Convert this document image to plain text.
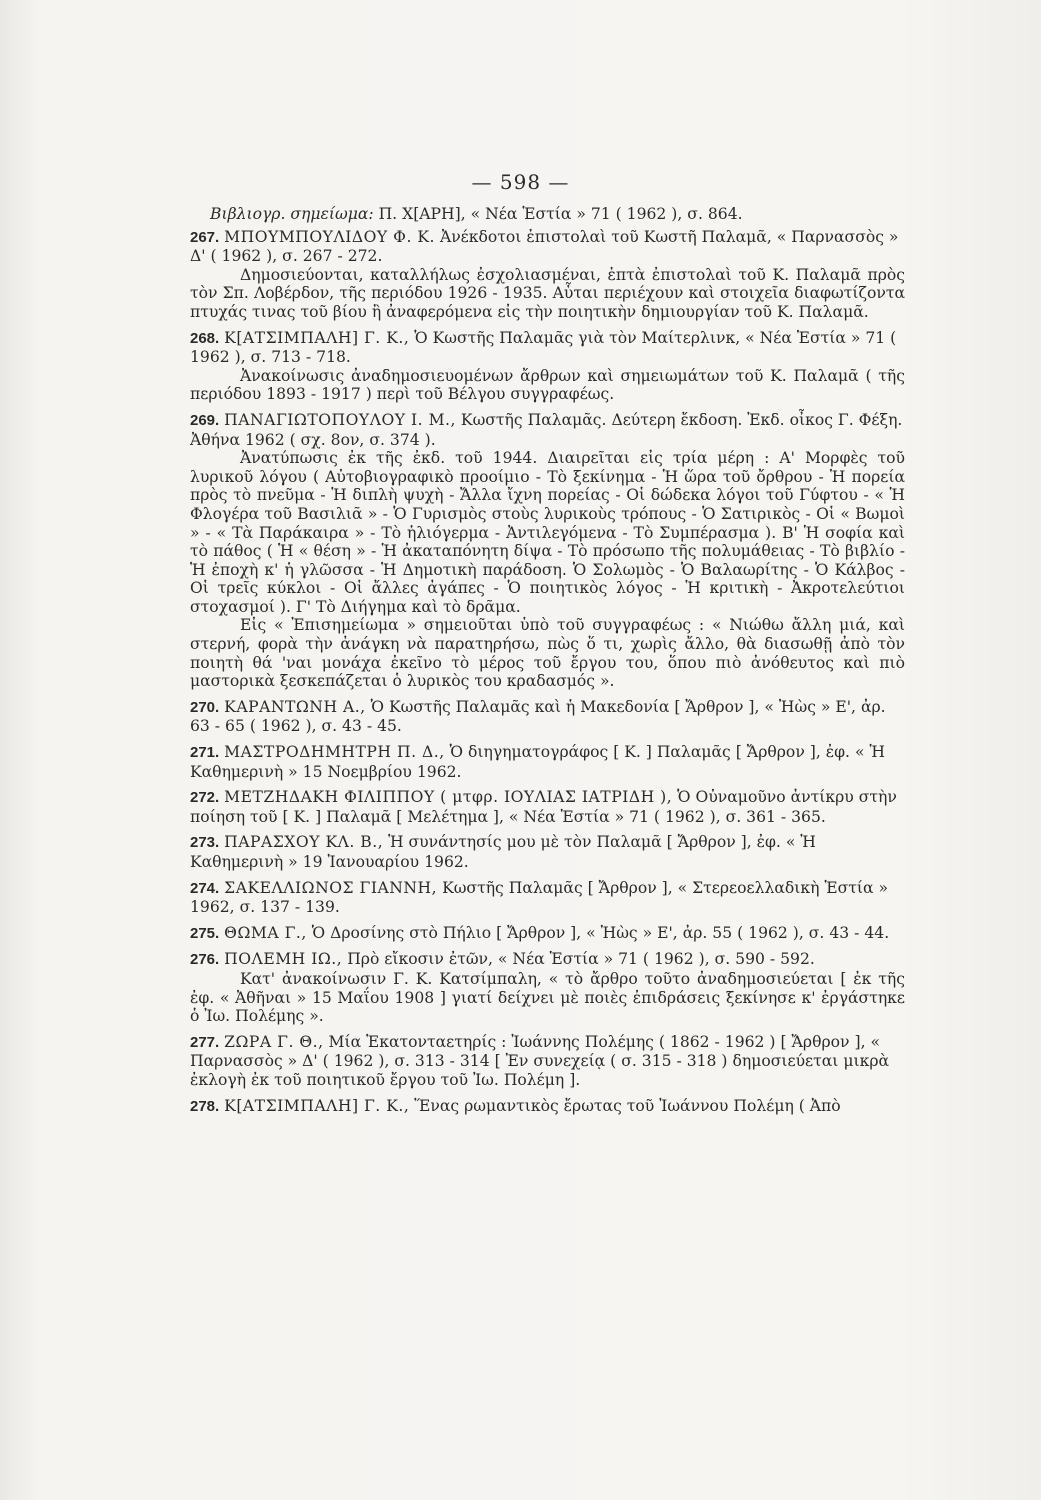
— 598 —
Βιβλιογρ. σημείωμα: Π. Χ[ΑΡΗ], « Νέα Ἑστία » 71 ( 1962 ), σ. 864.
267. ΜΠΟΥΜΠΟΥΛΙΔΟΥ Φ. Κ. Ἀνέκδοτοι ἐπιστολαὶ τοῦ Κωστῆ Παλαμᾶ, « Παρνασσὸς » Δ' ( 1962 ), σ. 267 - 272.

Δημοσιεύονται, καταλλήλως ἐσχολιασμέναι, ἑπτὰ ἐπιστολαὶ τοῦ Κ. Παλαμᾶ πρὸς τὸν Σπ. Λοβέρδον, τῆς περιόδου 1926 - 1935. Αὗται περιέχουν καὶ στοιχεῖα διαφωτίζοντα πτυχάς τινας τοῦ βίου ἢ ἀναφερόμενα εἰς τὴν ποιητικὴν δημιουργίαν τοῦ Κ. Παλαμᾶ.

268. Κ[ΑΤΣΙΜΠΑΛΗ] Γ. Κ., Ὁ Κωστῆς Παλαμᾶς γιὰ τὸν Μαίτερλινκ, « Νέα Ἑστία » 71 ( 1962 ), σ. 713 - 718.

Ἀνακοίνωσις ἀναδημοσιευομένων ἄρθρων καὶ σημειωμάτων τοῦ Κ. Παλαμᾶ ( τῆς περιόδου 1893 - 1917 ) περὶ τοῦ Βέλγου συγγραφέως.

269. ΠΑΝΑΓΙΩΤΟΠΟΥΛΟΥ Ι. Μ., Κωστῆς Παλαμᾶς. Δεύτερη ἔκδοση. Ἐκδ. οἶκος Γ. Φέξη. Ἀθήνα 1962 ( σχ. 8ον, σ. 374 ).

Ἀνατύπωσις ἐκ τῆς ἐκδ. τοῦ 1944. Διαιρεῖται εἰς τρία μέρη : Α' Μορφὲς τοῦ λυρικοῦ λόγου ( Αὐτοβιογραφικὸ προοίμιο - Τὸ ξεκίνημα - Ἡ ὥρα τοῦ ὄρθρου - Ἡ πορεία πρὸς τὸ πνεῦμα - Ἡ διπλὴ ψυχὴ - Ἄλλα ἴχνη πορείας - Οἱ δώδεκα λόγοι τοῦ Γύφτου - « Ἡ Φλογέρα τοῦ Βασιλιᾶ » - Ὁ Γυρισμὸς στοὺς λυρικοὺς τρόπους - Ὁ Σατιρικὸς - Οἱ « Βωμοὶ » - « Τὰ Παράκαιρα » - Τὸ ἡλιόγερμα - Ἀντιλεγόμενα - Τὸ Συμπέρασμα ). Β' Ἡ σοφία καὶ τὸ πάθος ( Ἡ « θέση » - Ἡ ἀκαταπόνητη δίψα - Τὸ πρόσωπο τῆς πολυμάθειας - Τὸ βιβλίο - Ἡ ἐποχὴ κ' ἡ γλῶσσα - Ἡ Δημοτικὴ παράδοση. Ὁ Σολωμὸς - Ὁ Βαλαωρίτης - Ὁ Κάλβος - Οἱ τρεῖς κύκλοι - Οἱ ἄλλες ἀγάπες - Ὁ ποιητικὸς λόγος - Ἡ κριτικὴ - Ἀκροτελεύτιοι στοχασμοί ). Γ' Τὸ Διήγημα καὶ τὸ δρᾶμα.

Εἰς « Ἐπισημείωμα » σημειοῦται ὑπὸ τοῦ συγγραφέως : « Νιώθω ἄλλη μιά, καὶ στερνή, φορὰ τὴν ἀνάγκη νὰ παρατηρήσω, πὼς ὅ τι, χωρὶς ἄλλο, θὰ διασωθῇ ἀπὸ τὸν ποιητὴ θά 'ναι μονάχα ἐκεῖνο τὸ μέρος τοῦ ἔργου του, ὅπου πιὸ ἀνόθευτος καὶ πιὸ μαστορικὰ ξεσκεπάζεται ὁ λυρικὸς του κραδασμός ».

270. ΚΑΡΑΝΤΩΝΗ Α., Ὁ Κωστῆς Παλαμᾶς καὶ ἡ Μακεδονία [ Ἄρθρον ], « Ἠὼς » Ε', ἀρ. 63 - 65 ( 1962 ), σ. 43 - 45.
271. ΜΑΣΤΡΟΔΗΜΗΤΡΗ Π. Δ., Ὁ διηγηματογράφος [ Κ. ] Παλαμᾶς [ Ἄρθρον ], ἐφ. « Ἡ Καθημερινὴ » 15 Νοεμβρίου 1962.
272. ΜΕΤΖΗΔΑΚΗ ΦΙΛΙΠΠΟΥ ( μτφρ. ΙΟΥΛΙΑΣ ΙΑΤΡΙΔΗ ), Ὁ Οὐναμοῦνο ἀντίκρυ στὴν ποίηση τοῦ [ Κ. ] Παλαμᾶ [ Μελέτημα ], « Νέα Ἑστία » 71 ( 1962 ), σ. 361 - 365.
273. ΠΑΡΑΣΧΟΥ ΚΛ. Β., Ἡ συνάντησίς μου μὲ τὸν Παλαμᾶ [ Ἄρθρον ], ἐφ. « Ἡ Καθημερινὴ » 19 Ἰανουαρίου 1962.
274. ΣΑΚΕΛΛΙΩΝΟΣ ΓΙΑΝΝΗ, Κωστῆς Παλαμᾶς [ Ἄρθρον ], « Στερεοελλαδικὴ Ἑστία » 1962, σ. 137 - 139.
275. ΘΩΜΑ Γ., Ὁ Δροσίνης στὸ Πήλιο [ Ἄρθρον ], « Ἠὼς » Ε', ἀρ. 55 ( 1962 ), σ. 43 - 44.
276. ΠΟΛΕΜΗ ΙΩ., Πρὸ εἴκοσιν ἐτῶν, « Νέα Ἑστία » 71 ( 1962 ), σ. 590 - 592.

Κατ' ἀνακοίνωσιν Γ. Κ. Κατσίμπαλη, « τὸ ἄρθρο τοῦτο ἀναδημοσιεύεται [ ἐκ τῆς ἐφ. « Ἀθῆναι » 15 Μαΐου 1908 ] γιατί δείχνει μὲ ποιὲς ἐπιδράσεις ξεκίνησε κ' ἐργάστηκε ὁ Ἰω. Πολέμης ».

277. ΖΩΡΑ Γ. Θ., Μία Ἑκατονταετηρίς : Ἰωάννης Πολέμης ( 1862 - 1962 ) [ Ἄρθρον ], « Παρνασσὸς » Δ' ( 1962 ), σ. 313 - 314 [ Ἐν συνεχείᾳ ( σ. 315 - 318 ) δημοσιεύεται μικρὰ ἐκλογὴ ἐκ τοῦ ποιητικοῦ ἔργου τοῦ Ἰω. Πολέμη ].
278. Κ[ΑΤΣΙΜΠΑΛΗ] Γ. Κ., Ἕνας ρωμαντικὸς ἔρωτας τοῦ Ἰωάννου Πολέμη ( Ἀπὸ
